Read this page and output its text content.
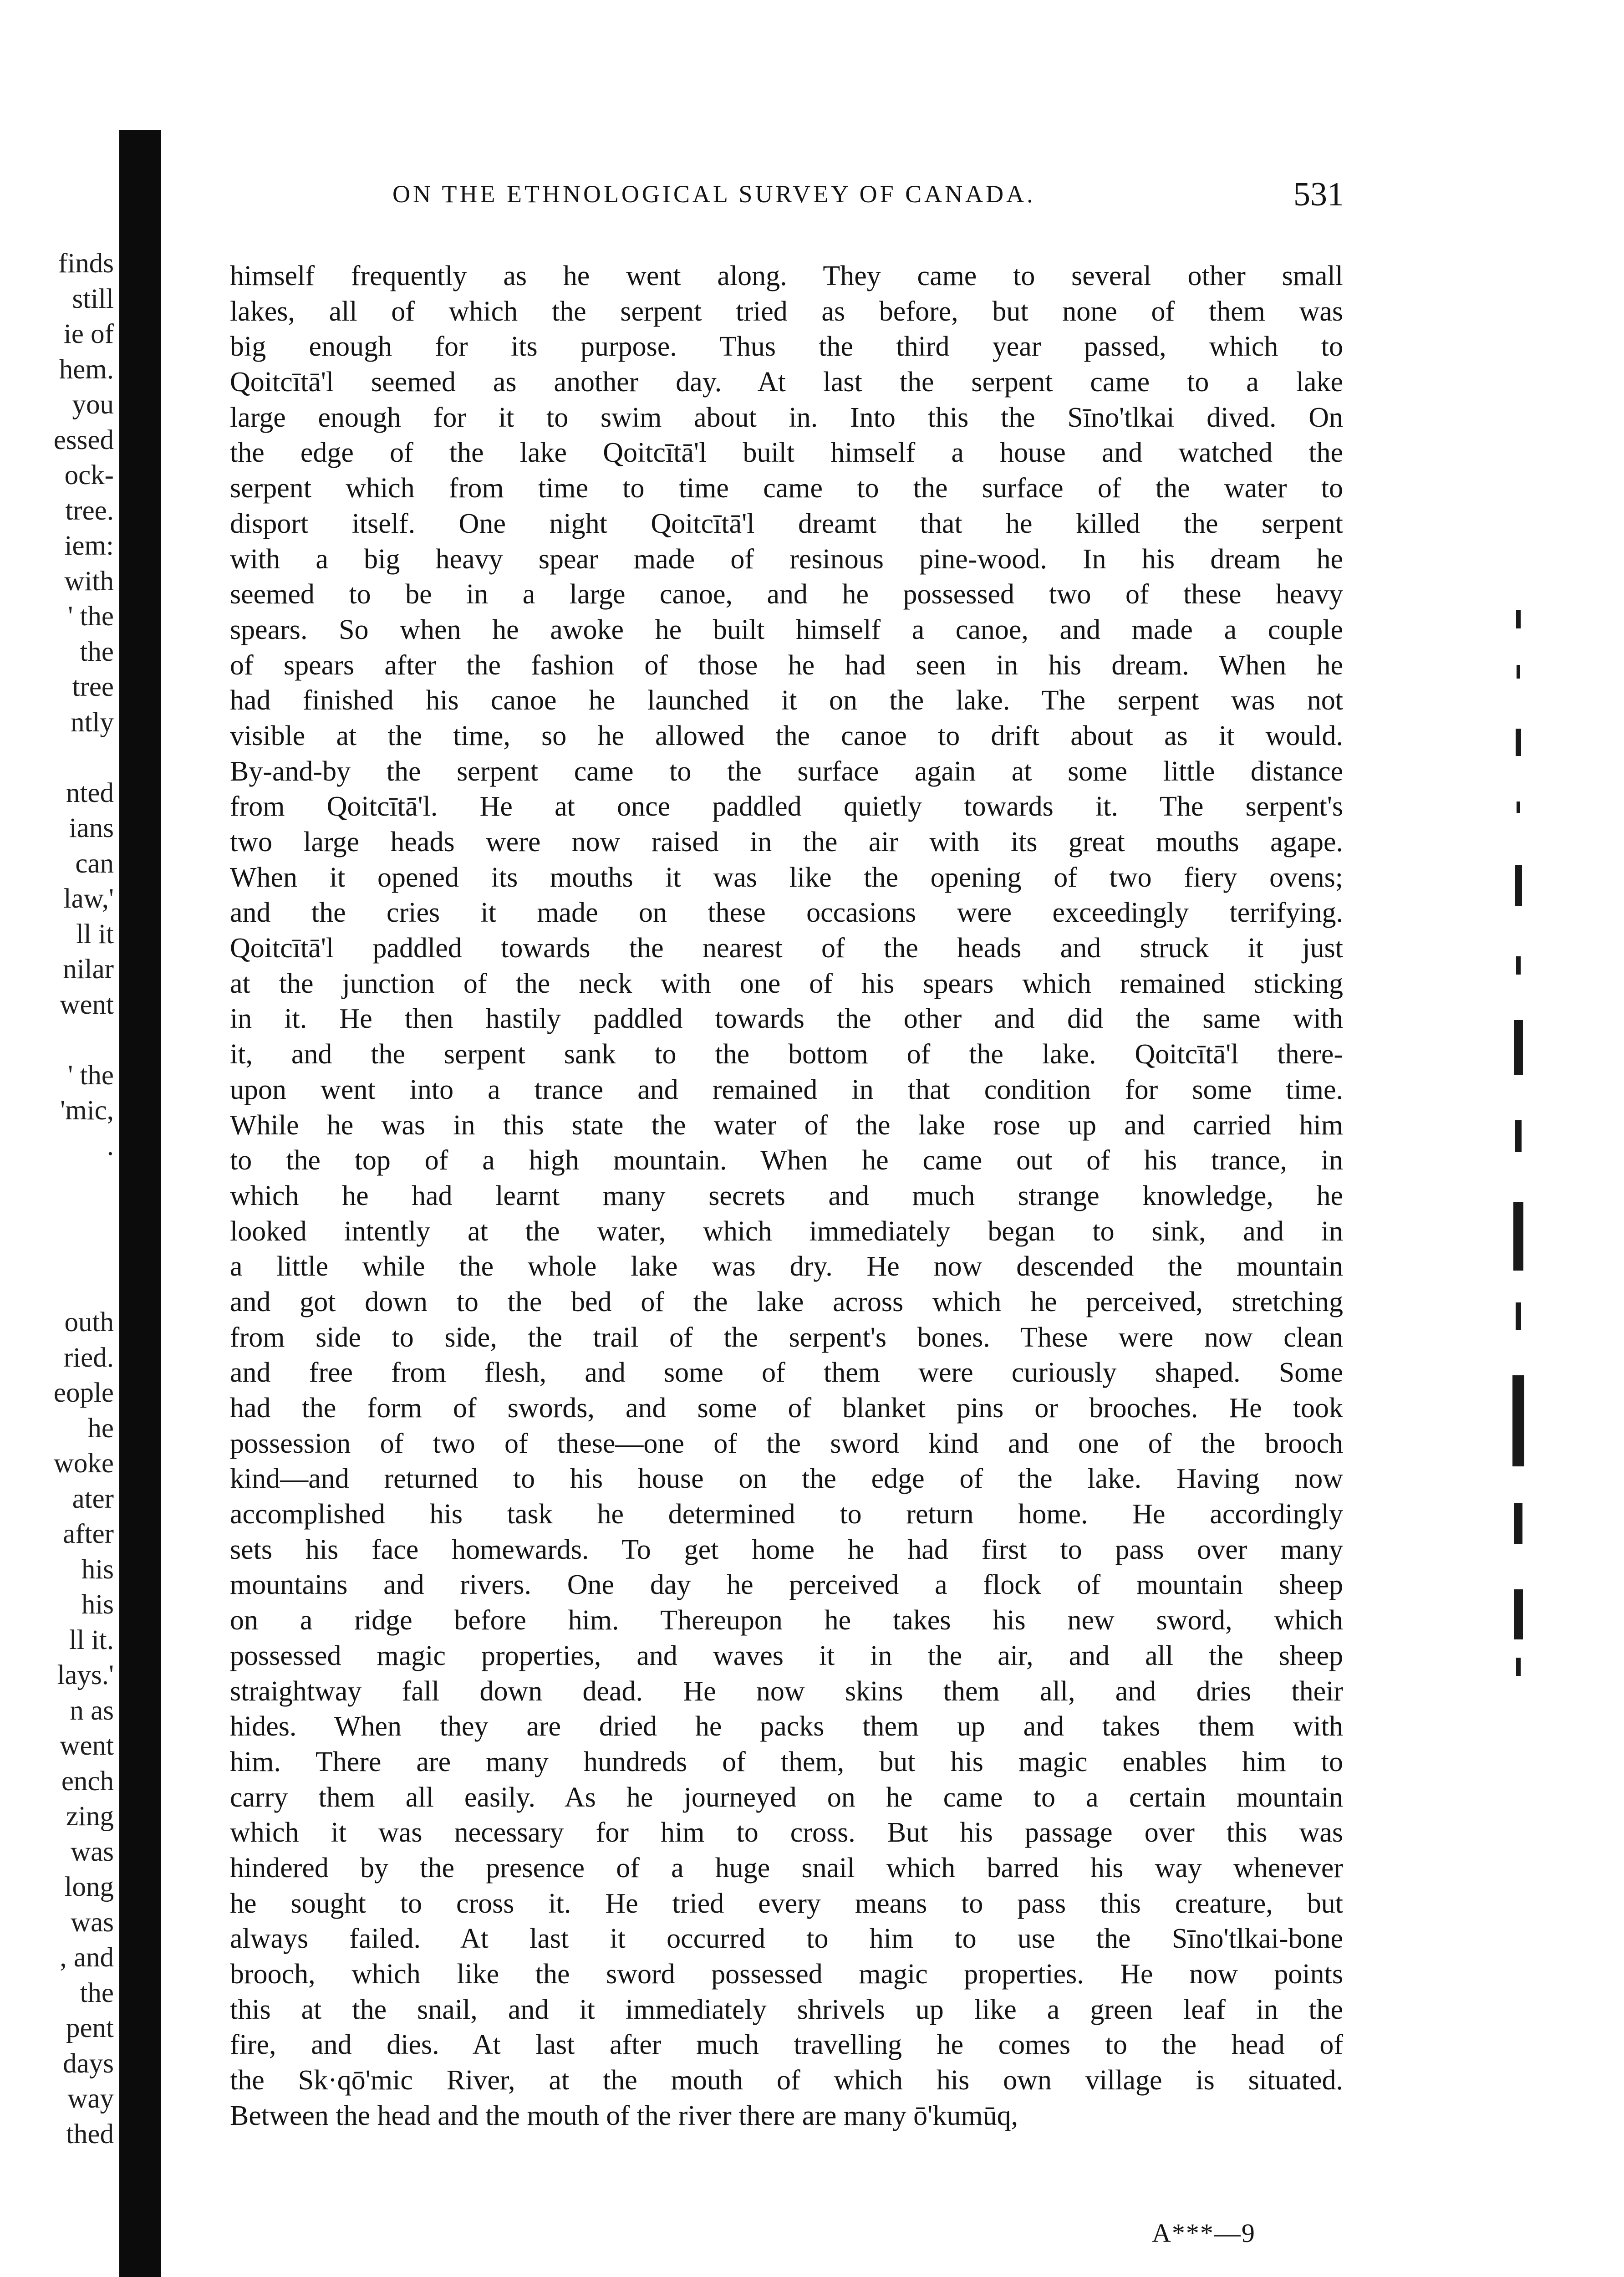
finds
still
ie of
hem.
you
essed
ock-
tree.
iem:
with
' the
the
tree
ntly
nted
ians
can
law,'
ll it
nilar
went
' the
'mic,
.
outh
ried.
eople
he
woke
ater
after
his
his
ll it.
lays.'
n as
went
ench
zing
was
long
was
, and
the
pent
days
way
thed
ON THE ETHNOLOGICAL SURVEY OF CANADA.	531
himself frequently as he went along. They came to several other small
lakes, all of which the serpent tried as before, but none of them was
big enough for its purpose. Thus the third year passed, which to
Qoitcītā'l seemed as another day. At last the serpent came to a lake
large enough for it to swim about in. Into this the Sīno'tlkai dived. On
the edge of the lake Qoitcītā'l built himself a house and watched the
serpent which from time to time came to the surface of the water to
disport itself. One night Qoitcītā'l dreamt that he killed the serpent
with a big heavy spear made of resinous pine-wood. In his dream he
seemed to be in a large canoe, and he possessed two of these heavy
spears. So when he awoke he built himself a canoe, and made a couple
of spears after the fashion of those he had seen in his dream. When he
had finished his canoe he launched it on the lake. The serpent was not
visible at the time, so he allowed the canoe to drift about as it would.
By-and-by the serpent came to the surface again at some little distance
from Qoitcītā'l. He at once paddled quietly towards it. The serpent's
two large heads were now raised in the air with its great mouths agape.
When it opened its mouths it was like the opening of two fiery ovens;
and the cries it made on these occasions were exceedingly terrifying.
Qoitcītā'l paddled towards the nearest of the heads and struck it just
at the junction of the neck with one of his spears which remained sticking
in it. He then hastily paddled towards the other and did the same with
it, and the serpent sank to the bottom of the lake. Qoitcītā'l there-
upon went into a trance and remained in that condition for some time.
While he was in this state the water of the lake rose up and carried him
to the top of a high mountain. When he came out of his trance, in
which he had learnt many secrets and much strange knowledge, he
looked intently at the water, which immediately began to sink, and in
a little while the whole lake was dry. He now descended the mountain
and got down to the bed of the lake across which he perceived, stretching
from side to side, the trail of the serpent's bones. These were now clean
and free from flesh, and some of them were curiously shaped. Some
had the form of swords, and some of blanket pins or brooches. He took
possession of two of these—one of the sword kind and one of the brooch
kind—and returned to his house on the edge of the lake. Having now
accomplished his task he determined to return home. He accordingly
sets his face homewards. To get home he had first to pass over many
mountains and rivers. One day he perceived a flock of mountain sheep
on a ridge before him. Thereupon he takes his new sword, which
possessed magic properties, and waves it in the air, and all the sheep
straightway fall down dead. He now skins them all, and dries their
hides. When they are dried he packs them up and takes them with
him. There are many hundreds of them, but his magic enables him to
carry them all easily. As he journeyed on he came to a certain mountain
which it was necessary for him to cross. But his passage over this was
hindered by the presence of a huge snail which barred his way whenever
he sought to cross it. He tried every means to pass this creature, but
always failed. At last it occurred to him to use the Sīno'tlkai-bone
brooch, which like the sword possessed magic properties. He now points
this at the snail, and it immediately shrivels up like a green leaf in the
fire, and dies. At last after much travelling he comes to the head of
the Sk·qō'mic River, at the mouth of which his own village is situated.
Between the head and the mouth of the river there are many ō'kumūq,
A***—9
